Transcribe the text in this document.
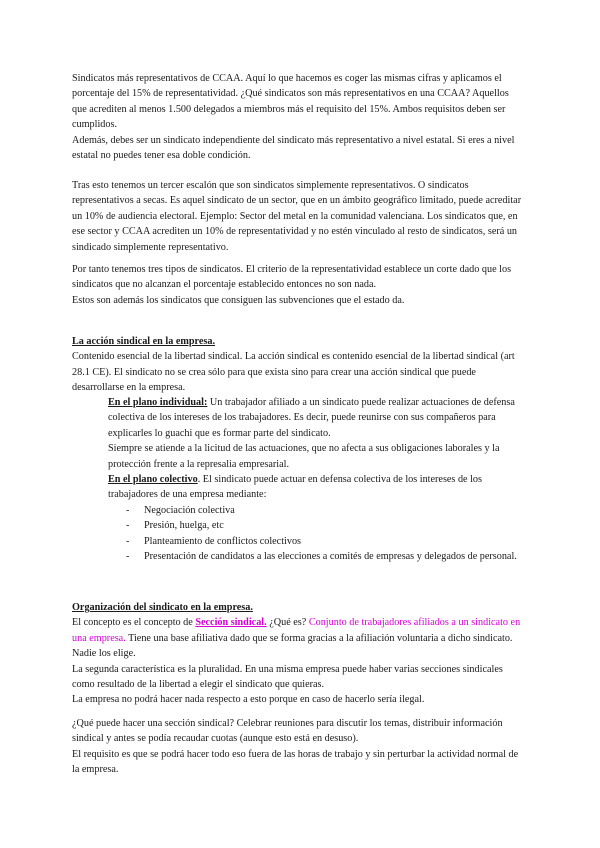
Sindicatos más representativos de CCAA. Aquí lo que hacemos es coger las mismas cifras y aplicamos el porcentaje del 15% de representatividad. ¿Qué sindicatos son más representativos en una CCAA? Aquellos que acrediten al menos 1.500 delegados a miembros más el requisito del 15%. Ambos requisitos deben ser cumplidos.

Además, debes ser un sindicato independiente del sindicato más representativo a nivel estatal. Si eres a nivel estatal no puedes tener esa doble condición.

Tras esto tenemos un tercer escalón que son sindicatos simplemente representativos. O sindicatos representativos a secas. Es aquel sindicato de un sector, que en un ámbito geográfico limitado, puede acreditar un 10% de audiencia electoral. Ejemplo: Sector del metal en la comunidad valenciana. Los sindicatos que, en ese sector y CCAA acrediten un 10% de representatividad y no estén vinculado al resto de sindicatos, será un sindicado simplemente representativo.

Por tanto tenemos tres tipos de sindicatos. El criterio de la representatividad establece un corte dado que los sindicatos que no alcanzan el porcentaje establecido entonces no son nada.

Estos son además los sindicatos que consiguen las subvenciones que el estado da.

La acción sindical en la empresa.

Contenido esencial de la libertad sindical. La acción sindical es contenido esencial de la libertad sindical (art 28.1 CE). El sindicato no se crea sólo para que exista sino para crear una acción sindical que puede desarrollarse en la empresa.

En el plano individual: Un trabajador afiliado a un sindicato puede realizar actuaciones de defensa colectiva de los intereses de los trabajadores. Es decir, puede reunirse con sus compañeros para explicarles lo guachi que es formar parte del sindicato.

Siempre se atiende a la licitud de las actuaciones, que no afecta a sus obligaciones laborales y la protección frente a la represalia empresarial.

En el plano colectivo. El sindicato puede actuar en defensa colectiva de los intereses de los trabajadores de una empresa mediante:

- Negociación colectiva
- Presión, huelga, etc
- Planteamiento de conflictos colectivos
- Presentación de candidatos a las elecciones a comités de empresas y delegados de personal.

Organización del sindicato en la empresa.

El concepto es el concepto de Sección sindical. ¿Qué es? Conjunto de trabajadores afiliados a un sindicato en una empresa. Tiene una base afiliativa dado que se forma gracias a la afiliación voluntaria a dicho sindicato. Nadie los elige.

La segunda característica es la pluralidad. En una misma empresa puede haber varias secciones sindicales como resultado de la libertad a elegir el sindicato que quieras.

La empresa no podrá hacer nada respecto a esto porque en caso de hacerlo sería ilegal.

¿Qué puede hacer una sección sindical? Celebrar reuniones para discutir los temas, distribuir información sindical y antes se podía recaudar cuotas (aunque esto está en desuso).

El requisito es que se podrá hacer todo eso fuera de las horas de trabajo y sin perturbar la actividad normal de la empresa.
